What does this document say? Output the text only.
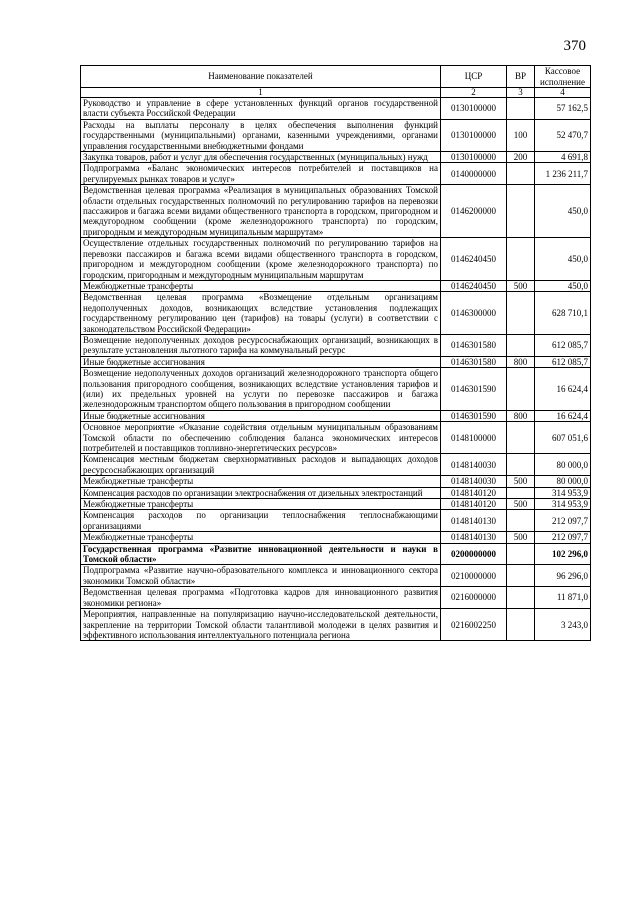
370
Наименование показателей	ЦСР	ВР	Кассовое исполнение
1	2	3	4
Руководство и управление в сфере установленных функций органов государственной власти субъекта Российской Федерации	0130100000		57 162,5
Расходы на выплаты персоналу в целях обеспечения выполнения функций государственными (муниципальными) органами, казенными учреждениями, органами управления государственными внебюджетными фондами	0130100000	100	52 470,7
Закупка товаров, работ и услуг для обеспечения государственных (муниципальных) нужд	0130100000	200	4 691,8
Подпрограмма «Баланс экономических интересов потребителей и поставщиков на регулируемых рынках товаров и услуг»	0140000000		1 236 211,7
Ведомственная целевая программа «Реализация в муниципальных образованиях Томской области отдельных государственных полномочий по регулированию тарифов на перевозки пассажиров и багажа всеми видами общественного транспорта в городском, пригородном и междугородном сообщении (кроме железнодорожного транспорта) по городским, пригородным и междугородным муниципальным маршрутам»	0146200000		450,0
Осуществление отдельных государственных полномочий по регулированию тарифов на перевозки пассажиров и багажа всеми видами общественного транспорта в городском, пригородном и междугородном сообщении (кроме железнодорожного транспорта) по городским, пригородным и междугородным муниципальным маршрутам	0146240450		450,0
Межбюджетные трансферты	0146240450	500	450,0
Ведомственная целевая программа «Возмещение отдельным организациям недополученных доходов, возникающих вследствие установления подлежащих государственному регулированию цен (тарифов) на товары (услуги) в соответствии с законодательством Российской Федерации»	0146300000		628 710,1
Возмещение недополученных доходов ресурсоснабжающих организаций, возникающих в результате установления льготного тарифа на коммунальный ресурс	0146301580		612 085,7
Иные бюджетные ассигнования	0146301580	800	612 085,7
Возмещение недополученных доходов организаций железнодорожного транспорта общего пользования пригородного сообщения, возникающих вследствие установления тарифов и (или) их предельных уровней на услуги по перевозке пассажиров и багажа железнодорожным транспортом общего пользования в пригородном сообщении	0146301590		16 624,4
Иные бюджетные ассигнования	0146301590	800	16 624,4
Основное мероприятие «Оказание содействия отдельным муниципальным образованиям Томской области по обеспечению соблюдения баланса экономических интересов потребителей и поставщиков топливно-энергетических ресурсов»	0148100000		607 051,6
Компенсация местным бюджетам сверхнормативных расходов и выпадающих доходов ресурсоснабжающих организаций	0148140030		80 000,0
Межбюджетные трансферты	0148140030	500	80 000,0
Компенсация расходов по организации электроснабжения от дизельных электростанций	0148140120		314 953,9
Межбюджетные трансферты	0148140120	500	314 953,9
Компенсация расходов по организации теплоснабжения теплоснабжающими организациями	0148140130		212 097,7
Межбюджетные трансферты	0148140130	500	212 097,7
Государственная программа «Развитие инновационной деятельности и науки в Томской области»	0200000000		102 296,0
Подпрограмма «Развитие научно-образовательного комплекса и инновационного сектора экономики Томской области»	0210000000		96 296,0
Ведомственная целевая программа «Подготовка кадров для инновационного развития экономики региона»	0216000000		11 871,0
Мероприятия, направленные на популяризацию научно-исследовательской деятельности, закрепление на территории Томской области талантливой молодежи в целях развития и эффективного использования интеллектуального потенциала региона	0216002250		3 243,0
